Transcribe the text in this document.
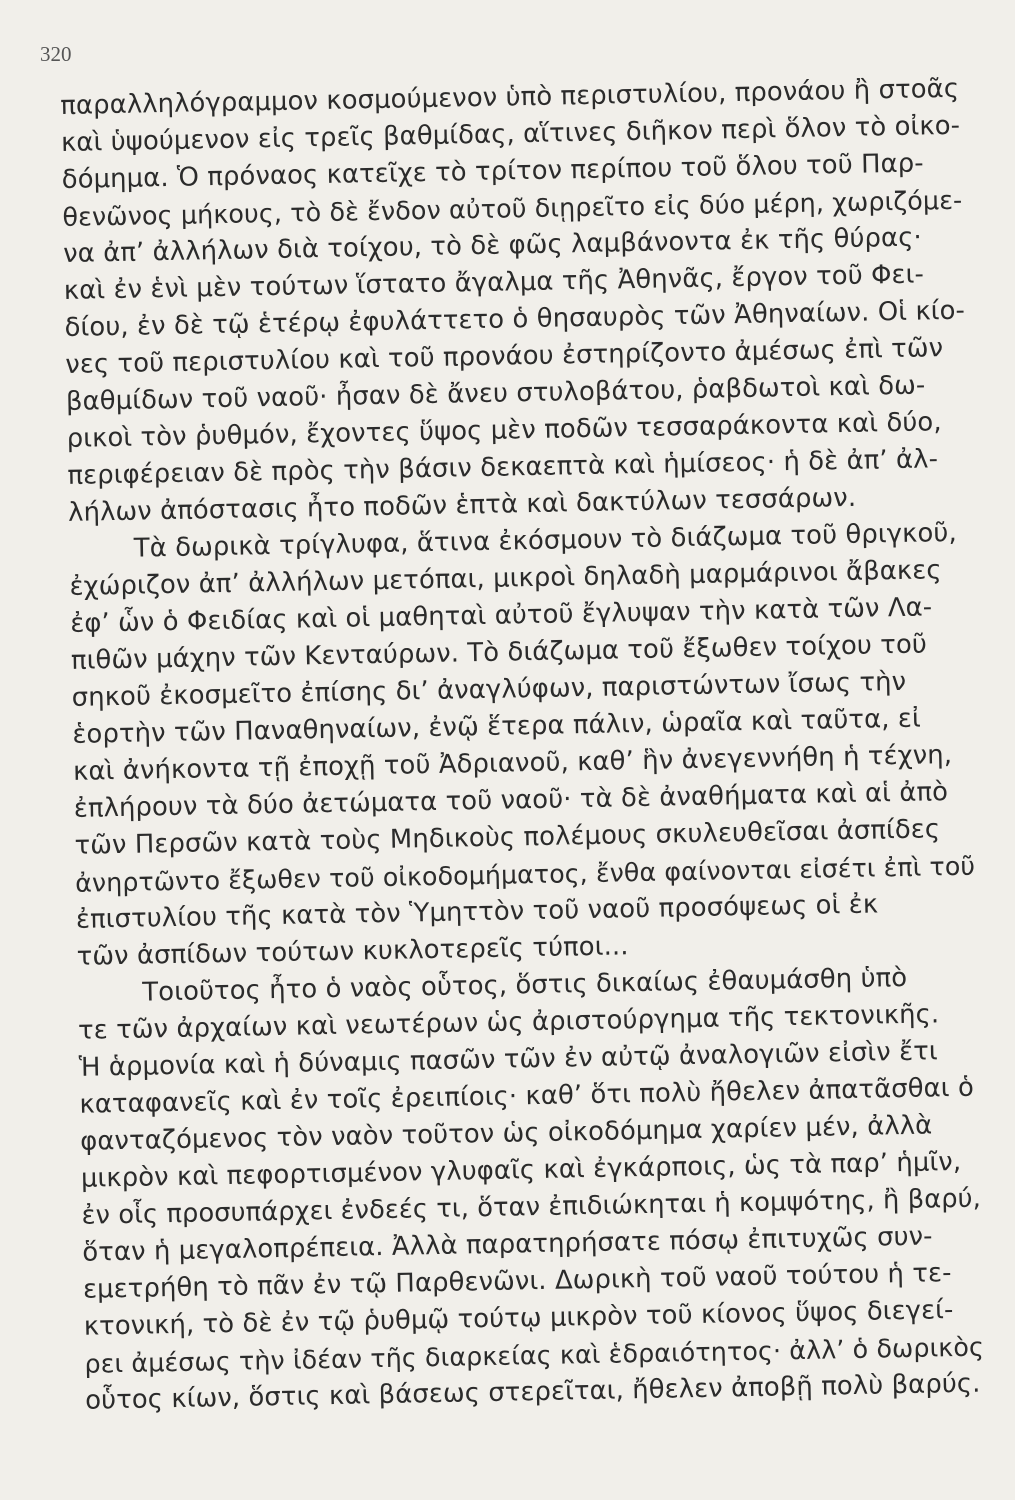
320
παραλληλόγραμμον κοσμούμενον ὑπὸ περιστυλίου, προνάου ἢ στοᾶς
καὶ ὑψούμενον εἰς τρεῖς βαθμίδας, αἵτινες διῆκον περὶ ὅλον τὸ οἰκο-
δόμημα. Ὁ πρόναος κατεῖχε τὸ τρίτον περίπου τοῦ ὅλου τοῦ Παρ-
θενῶνος μήκους, τὸ δὲ ἔνδον αὐτοῦ διῃρεῖτο εἰς δύο μέρη, χωριζόμε-
να ἀπ’ ἀλλήλων διὰ τοίχου, τὸ δὲ φῶς λαμβάνοντα ἐκ τῆς θύρας·
καὶ ἐν ἑνὶ μὲν τούτων ἵστατο ἄγαλμα τῆς Ἀθηνᾶς, ἔργον τοῦ Φει-
δίου, ἐν δὲ τῷ ἑτέρῳ ἐφυλάττετο ὁ θησαυρὸς τῶν Ἀθηναίων. Οἱ κίο-
νες τοῦ περιστυλίου καὶ τοῦ προνάου ἐστηρίζοντο ἀμέσως ἐπὶ τῶν
βαθμίδων τοῦ ναοῦ· ἦσαν δὲ ἄνευ στυλοβάτου, ῥαβδωτοὶ καὶ δω-
ρικοὶ τὸν ῥυθμόν, ἔχοντες ὕψος μὲν ποδῶν τεσσαράκοντα καὶ δύο,
περιφέρειαν δὲ πρὸς τὴν βάσιν δεκαεπτὰ καὶ ἡμίσεος· ἡ δὲ ἀπ’ ἀλ-
λήλων ἀπόστασις ἦτο ποδῶν ἑπτὰ καὶ δακτύλων τεσσάρων.
Τὰ δωρικὰ τρίγλυφα, ἅτινα ἐκόσμουν τὸ διάζωμα τοῦ θριγκοῦ,
ἐχώριζον ἀπ’ ἀλλήλων μετόπαι, μικροὶ δηλαδὴ μαρμάρινοι ἄβακες
ἐφ’ ὧν ὁ Φειδίας καὶ οἱ μαθηταὶ αὐτοῦ ἔγλυψαν τὴν κατὰ τῶν Λα-
πιθῶν μάχην τῶν Κενταύρων. Τὸ διάζωμα τοῦ ἔξωθεν τοίχου τοῦ
σηκοῦ ἐκοσμεῖτο ἐπίσης δι’ ἀναγλύφων, παριστώντων ἴσως τὴν
ἑορτὴν τῶν Παναθηναίων, ἐνῷ ἕτερα πάλιν, ὡραῖα καὶ ταῦτα, εἰ
καὶ ἀνήκοντα τῇ ἐποχῇ τοῦ Ἀδριανοῦ, καθ’ ἣν ἀνεγεννήθη ἡ τέχνη,
ἐπλήρουν τὰ δύο ἀετώματα τοῦ ναοῦ· τὰ δὲ ἀναθήματα καὶ αἱ ἀπὸ
τῶν Περσῶν κατὰ τοὺς Μηδικοὺς πολέμους σκυλευθεῖσαι ἀσπίδες
ἀνηρτῶντο ἔξωθεν τοῦ οἰκοδομήματος, ἔνθα φαίνονται εἰσέτι ἐπὶ τοῦ
ἐπιστυλίου τῆς κατὰ τὸν Ὑμηττὸν τοῦ ναοῦ προσόψεως οἱ ἐκ
τῶν ἀσπίδων τούτων κυκλοτερεῖς τύποι...
Τοιοῦτος ἦτο ὁ ναὸς οὗτος, ὅστις δικαίως ἐθαυμάσθη ὑπὸ
τε τῶν ἀρχαίων καὶ νεωτέρων ὡς ἀριστούργημα τῆς τεκτονικῆς.
Ἡ ἁρμονία καὶ ἡ δύναμις πασῶν τῶν ἐν αὐτῷ ἀναλογιῶν εἰσὶν ἔτι
καταφανεῖς καὶ ἐν τοῖς ἐρειπίοις· καθ’ ὅτι πολὺ ἤθελεν ἀπατᾶσθαι ὁ
φανταζόμενος τὸν ναὸν τοῦτον ὡς οἰκοδόμημα χαρίεν μέν, ἀλλὰ
μικρὸν καὶ πεφορτισμένον γλυφαῖς καὶ ἐγκάρποις, ὡς τὰ παρ’ ἡμῖν,
ἐν οἷς προσυπάρχει ἐνδεές τι, ὅταν ἐπιδιώκηται ἡ κομψότης, ἢ βαρύ,
ὅταν ἡ μεγαλοπρέπεια. Ἀλλὰ παρατηρήσατε πόσῳ ἐπιτυχῶς συν-
εμετρήθη τὸ πᾶν ἐν τῷ Παρθενῶνι. Δωρικὴ τοῦ ναοῦ τούτου ἡ τε-
κτονική, τὸ δὲ ἐν τῷ ῥυθμῷ τούτῳ μικρὸν τοῦ κίονος ὕψος διεγεί-
ρει ἀμέσως τὴν ἰδέαν τῆς διαρκείας καὶ ἑδραιότητος· ἀλλ’ ὁ δωρικὸς
οὗτος κίων, ὅστις καὶ βάσεως στερεῖται, ἤθελεν ἀποβῇ πολὺ βαρύς.
